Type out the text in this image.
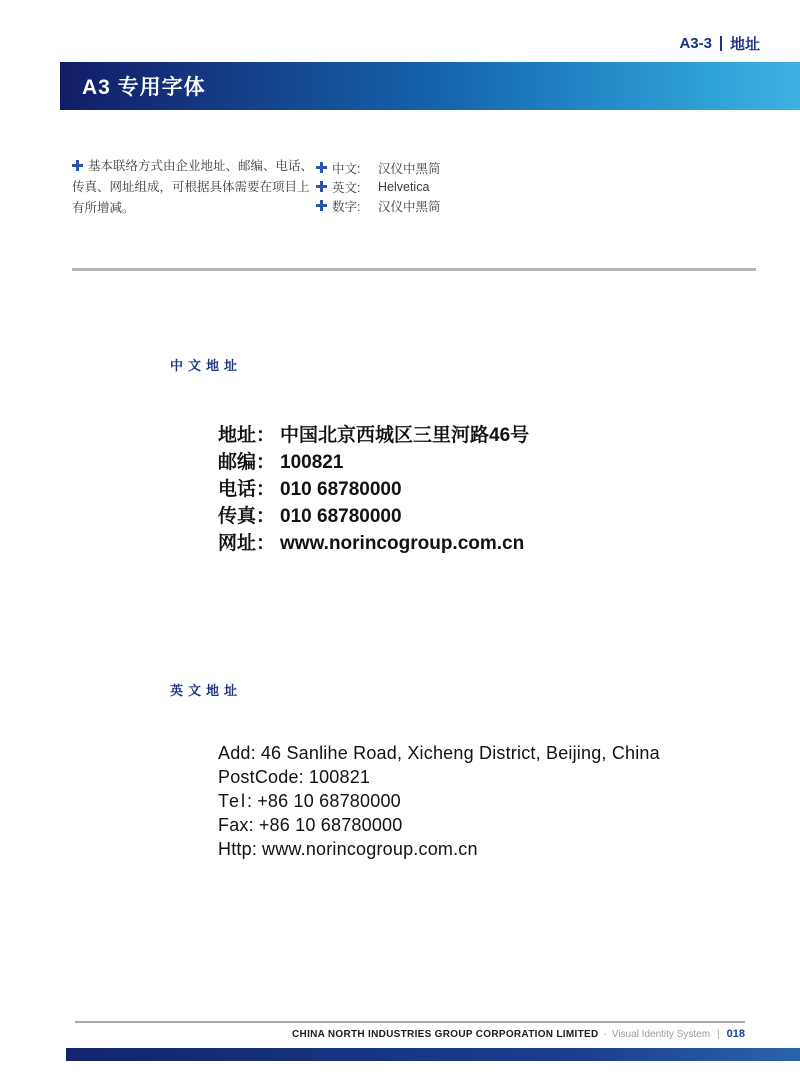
A3-3 地址
A3 专用字体
基本联络方式由企业地址、邮编、电话、传真、网址组成，可根据具体需要在项目上有所增减。
中文:	汉仪中黑简
英文:	Helvetica
数字:	汉仪中黑简
中文地址
地址： 中国北京西城区三里河路46号
邮编： 100821
电话： 010 68780000
传真： 010 68780000
网址： www.norincogroup.com.cn
英文地址
Add: 46 Sanlihe Road, Xicheng District, Beijing, China
PostCode: 100821
Tel: +86 10 68780000
Fax: +86 10 68780000
Http: www.norincogroup.com.cn
CHINA NORTH INDUSTRIES GROUP CORPORATION LIMITED · Visual Identity System | 018
